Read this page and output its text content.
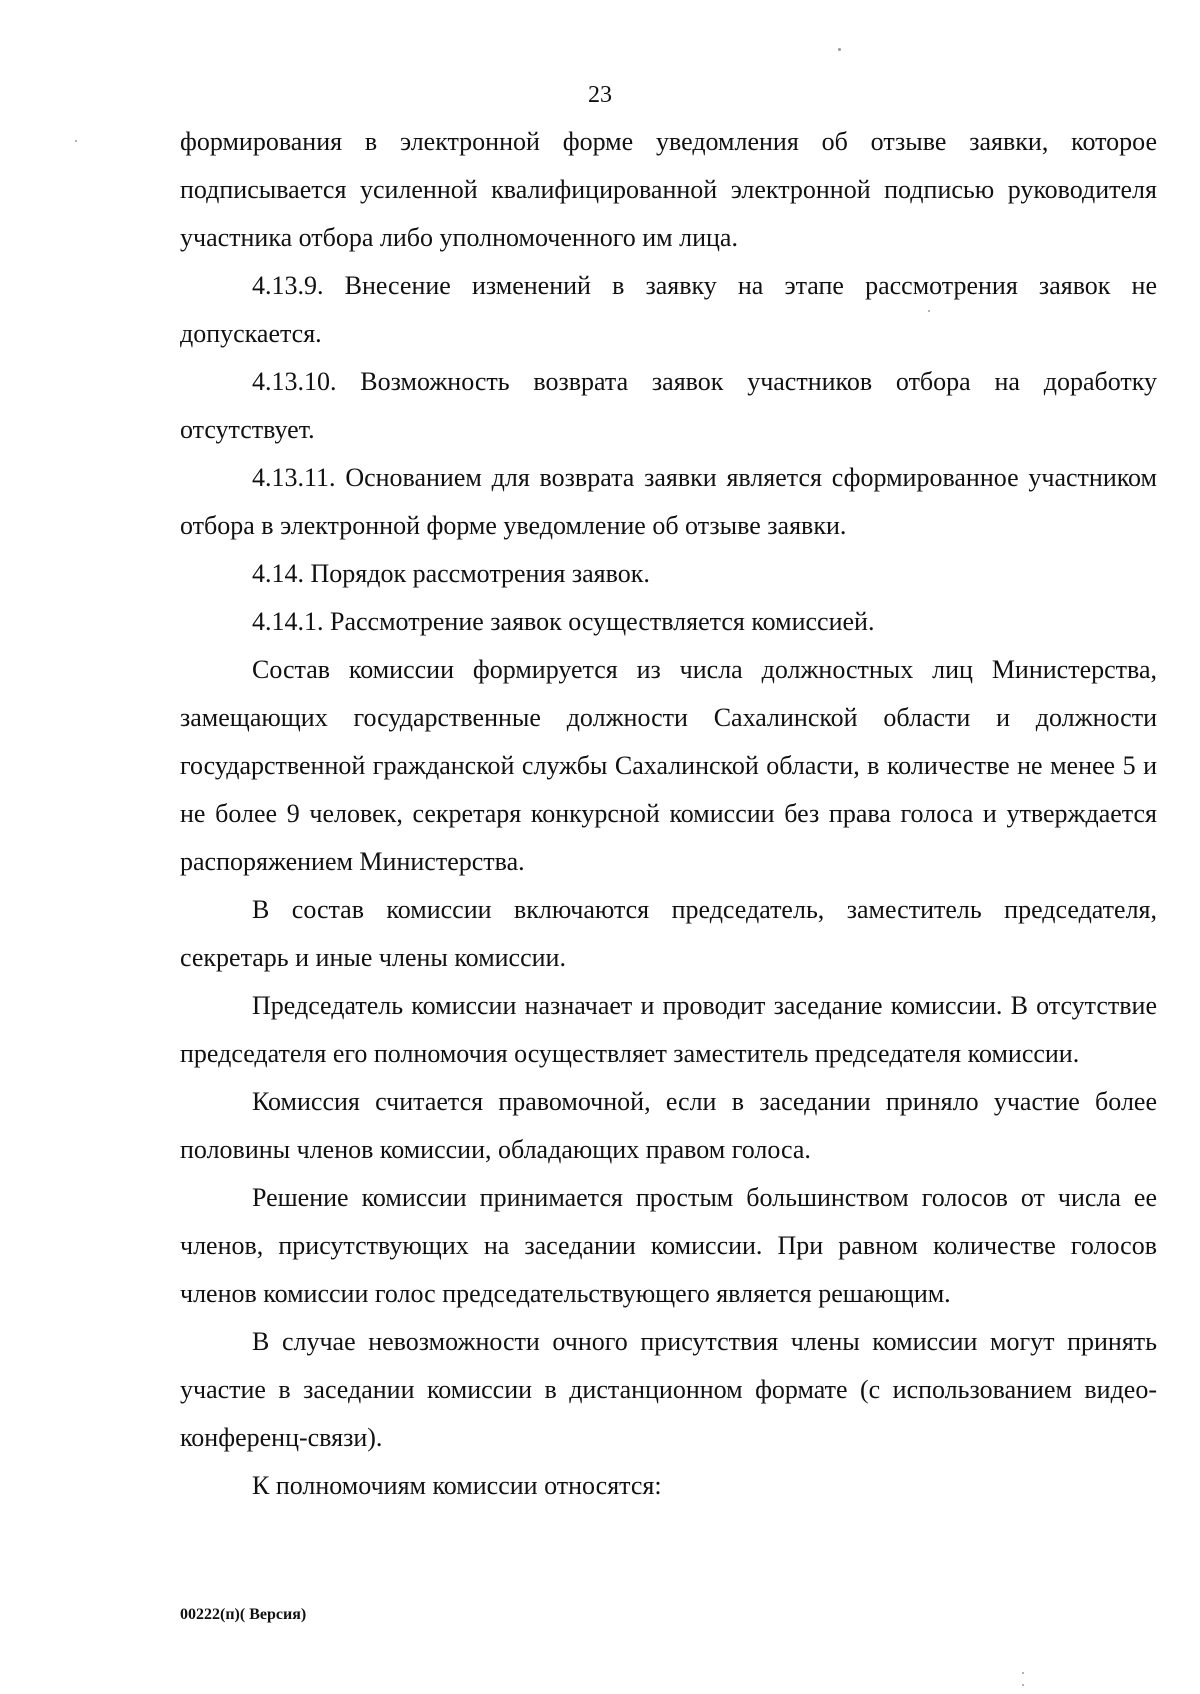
23

формирования в электронной форме уведомления об отзыве заявки, которое подписывается усиленной квалифицированной электронной подписью руководителя участника отбора либо уполномоченного им лица.

4.13.9. Внесение изменений в заявку на этапе рассмотрения заявок не допускается.

4.13.10. Возможность возврата заявок участников отбора на доработку отсутствует.

4.13.11. Основанием для возврата заявки является сформированное участником отбора в электронной форме уведомление об отзыве заявки.

4.14. Порядок рассмотрения заявок.

4.14.1. Рассмотрение заявок осуществляется комиссией.

Состав комиссии формируется из числа должностных лиц Министерства, замещающих государственные должности Сахалинской области и должности государственной гражданской службы Сахалинской области, в количестве не менее 5 и не более 9 человек, секретаря конкурсной комиссии без права голоса и утверждается распоряжением Министерства.

В состав комиссии включаются председатель, заместитель председателя, секретарь и иные члены комиссии.

Председатель комиссии назначает и проводит заседание комиссии. В отсутствие председателя его полномочия осуществляет заместитель председателя комиссии.

Комиссия считается правомочной, если в заседании приняло участие более половины членов комиссии, обладающих правом голоса.

Решение комиссии принимается простым большинством голосов от числа ее членов, присутствующих на заседании комиссии. При равном количестве голосов членов комиссии голос председательствующего является решающим.

В случае невозможности очного присутствия члены комиссии могут принять участие в заседании комиссии в дистанционном формате (с использованием видео-конференц-связи).

К полномочиям комиссии относятся:

00222(п)( Версия)
